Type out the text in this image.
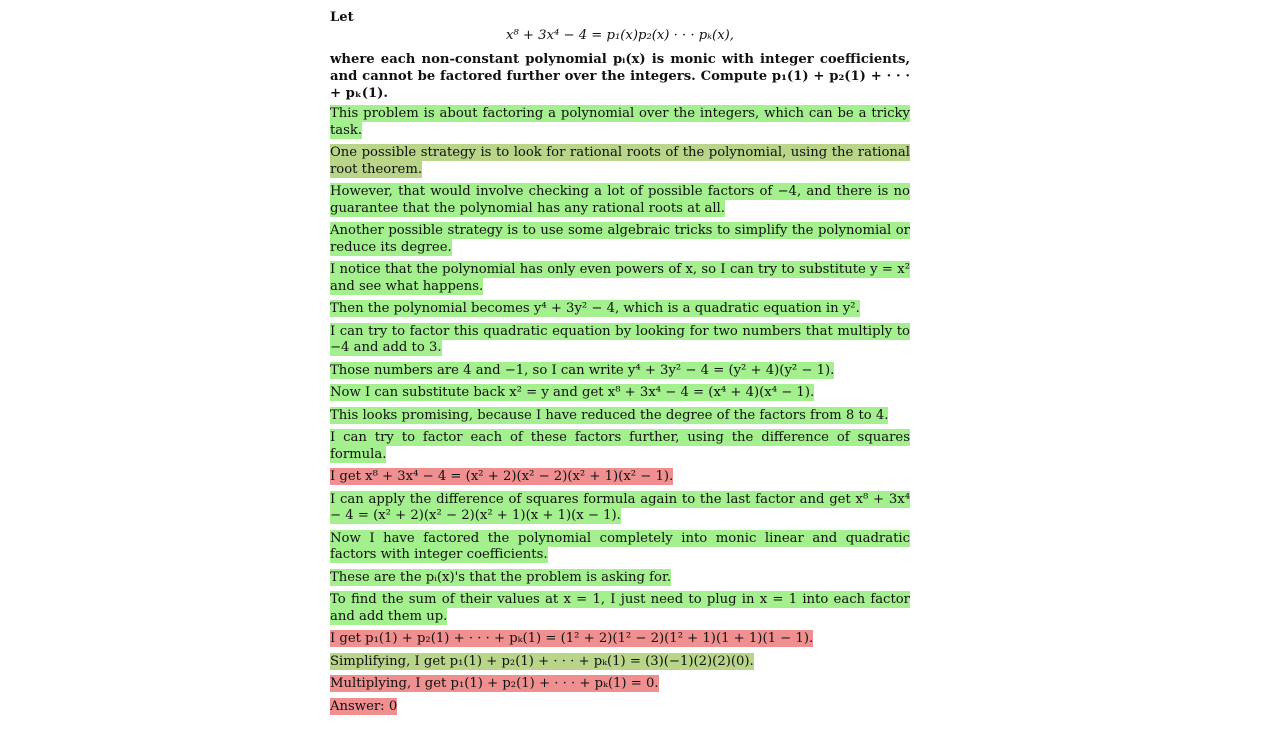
Let
x⁸ + 3x⁴ − 4 = p₁(x)p₂(x) · · · pₖ(x),
where each non-constant polynomial pᵢ(x) is monic with integer coefficients, and cannot be factored further over the integers. Compute p₁(1) + p₂(1) + · · · + pₖ(1).

This problem is about factoring a polynomial over the integers, which can be a tricky task.

One possible strategy is to look for rational roots of the polynomial, using the rational root theorem.

However, that would involve checking a lot of possible factors of −4, and there is no guarantee that the polynomial has any rational roots at all.

Another possible strategy is to use some algebraic tricks to simplify the polynomial or reduce its degree.

I notice that the polynomial has only even powers of x, so I can try to substitute y = x² and see what happens.

Then the polynomial becomes y⁴ + 3y² − 4, which is a quadratic equation in y².

I can try to factor this quadratic equation by looking for two numbers that multiply to −4 and add to 3.

Those numbers are 4 and −1, so I can write y⁴ + 3y² − 4 = (y² + 4)(y² − 1).

Now I can substitute back x² = y and get x⁸ + 3x⁴ − 4 = (x⁴ + 4)(x⁴ − 1).

This looks promising, because I have reduced the degree of the factors from 8 to 4.

I can try to factor each of these factors further, using the difference of squares formula.

I get x⁸ + 3x⁴ − 4 = (x² + 2)(x² − 2)(x² + 1)(x² − 1).

I can apply the difference of squares formula again to the last factor and get x⁸ + 3x⁴ − 4 = (x² + 2)(x² − 2)(x² + 1)(x + 1)(x − 1).

Now I have factored the polynomial completely into monic linear and quadratic factors with integer coefficients.

These are the pᵢ(x)'s that the problem is asking for.

To find the sum of their values at x = 1, I just need to plug in x = 1 into each factor and add them up.

I get p₁(1) + p₂(1) + · · · + pₖ(1) = (1² + 2)(1² − 2)(1² + 1)(1 + 1)(1 − 1).

Simplifying, I get p₁(1) + p₂(1) + · · · + pₖ(1) = (3)(−1)(2)(2)(0).

Multiplying, I get p₁(1) + p₂(1) + · · · + pₖ(1) = 0.

Answer: 0
